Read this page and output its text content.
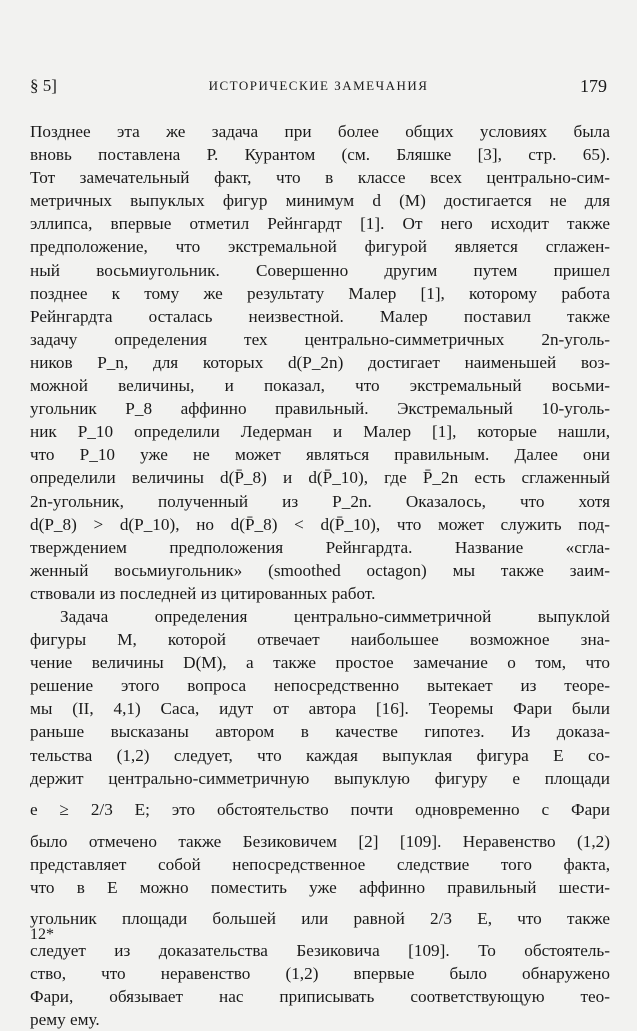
§ 5]	ИСТОРИЧЕСКИЕ ЗАМЕЧАНИЯ	179
Позднее эта же задача при более общих условиях была
вновь поставлена Р. Курантом (см. Бляшке [3], стр. 65).
Тот замечательный факт, что в классе всех центрально-сим-
метричных выпуклых фигур минимум d (M) достигается не для
эллипса, впервые отметил Рейнгардт [1]. От него исходит также
предположение, что экстремальной фигурой является сглажен-
ный восьмиугольник. Совершенно другим путем пришел
позднее к тому же результату Малер [1], которому работа
Рейнгардта осталась неизвестной. Малер поставил также
задачу определения тех центрально-симметричных 2n-уголь-
ников P_n, для которых d(P_2n) достигает наименьшей воз-
можной величины, и показал, что экстремальный восьми-
угольник P_8 аффинно правильный. Экстремальный 10-уголь-
ник P_10 определили Ледерман и Малер [1], которые нашли,
что P_10 уже не может являться правильным. Далее они
определили величины d(P̄_8) и d(P̄_10), где P̄_2n есть сглаженный
2n-угольник, полученный из P_2n. Оказалось, что хотя
d(P_8) > d(P_10), но d(P̄_8) < d(P̄_10), что может служить под-
тверждением предположения Рейнгардта. Название «сгла-
женный восьмиугольник» (smoothed octagon) мы также заим-
ствовали из последней из цитированных работ.
Задача определения центрально-симметричной выпуклой
фигуры M, которой отвечает наибольшее возможное зна-
чение величины D(M), а также простое замечание о том, что
решение этого вопроса непосредственно вытекает из теоре-
мы (II, 4,1) Саса, идут от автора [16]. Теоремы Фари были
раньше высказаны автором в качестве гипотез. Из доказа-
тельства (1,2) следует, что каждая выпуклая фигура E со-
держит центрально-симметричную выпуклую фигуру e площади
e ≥ 2/3 E; это обстоятельство почти одновременно с Фари
было отмечено также Безиковичем [2] [109]. Неравенство (1,2)
представляет собой непосредственное следствие того факта,
что в E можно поместить уже аффинно правильный шести-
угольник площади большей или равной 2/3 E, что также
следует из доказательства Безиковича [109]. То обстоятель-
ство, что неравенство (1,2) впервые было обнаружено
Фари, обязывает нас приписывать соответствующую тео-
рему ему.
12*
